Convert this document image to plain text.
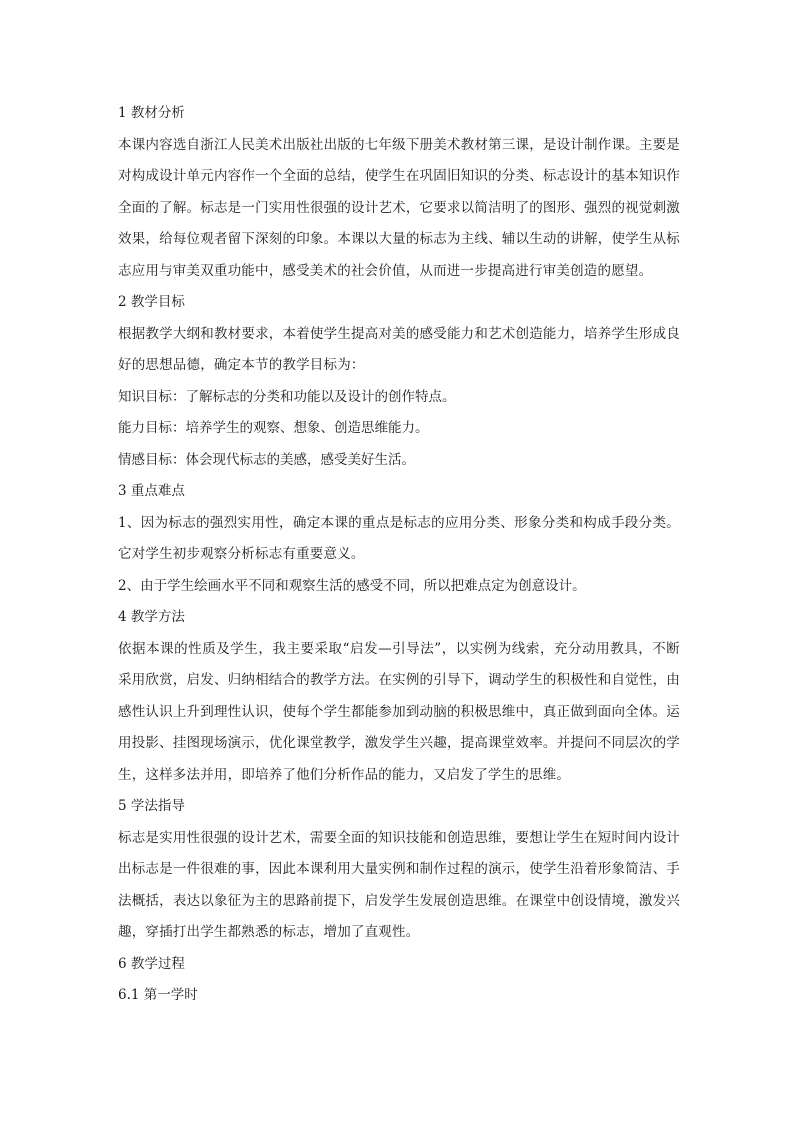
1 教材分析
本课内容选自浙江人民美术出版社出版的七年级下册美术教材第三课，是设计制作课。主要是对构成设计单元内容作一个全面的总结，使学生在巩固旧知识的分类、标志设计的基本知识作全面的了解。标志是一门实用性很强的设计艺术，它要求以简洁明了的图形、强烈的视觉刺激效果，给每位观者留下深刻的印象。本课以大量的标志为主线、辅以生动的讲解，使学生从标志应用与审美双重功能中，感受美术的社会价值，从而进一步提高进行审美创造的愿望。
2 教学目标
根据教学大纲和教材要求，本着使学生提高对美的感受能力和艺术创造能力，培养学生形成良好的思想品德，确定本节的教学目标为：
知识目标：了解标志的分类和功能以及设计的创作特点。
能力目标：培养学生的观察、想象、创造思维能力。
情感目标：体会现代标志的美感，感受美好生活。
3 重点难点
1、因为标志的强烈实用性，确定本课的重点是标志的应用分类、形象分类和构成手段分类。它对学生初步观察分析标志有重要意义。
2、由于学生绘画水平不同和观察生活的感受不同，所以把难点定为创意设计。
4 教学方法
依据本课的性质及学生，我主要采取“启发—引导法”，以实例为线索，充分动用教具，不断采用欣赏，启发、归纳相结合的教学方法。在实例的引导下，调动学生的积极性和自觉性，由感性认识上升到理性认识，使每个学生都能参加到动脑的积极思维中，真正做到面向全体。运用投影、挂图现场演示，优化课堂教学，激发学生兴趣，提高课堂效率。并提问不同层次的学生，这样多法并用，即培养了他们分析作品的能力，又启发了学生的思维。
5 学法指导
标志是实用性很强的设计艺术，需要全面的知识技能和创造思维，要想让学生在短时间内设计出标志是一件很难的事，因此本课利用大量实例和制作过程的演示，使学生沿着形象简洁、手法概括，表达以象征为主的思路前提下，启发学生发展创造思维。在课堂中创设情境，激发兴趣，穿插打出学生都熟悉的标志，增加了直观性。
6 教学过程
6.1 第一学时
